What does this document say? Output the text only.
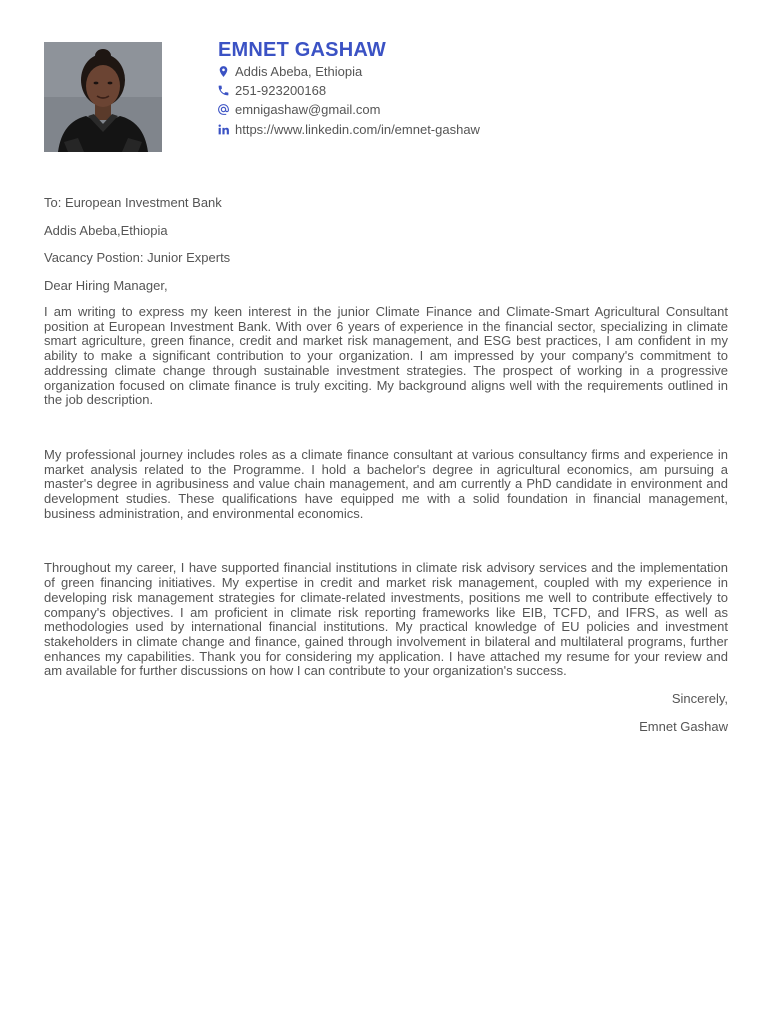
EMNET GASHAW
Addis Abeba, Ethiopia
251-923200168
emnigashaw@gmail.com
https://www.linkedin.com/in/emnet-gashaw
To: European Investment Bank
Addis Abeba,Ethiopia
Vacancy Postion: Junior Experts
Dear Hiring Manager,

I am writing to express my keen interest in the junior Climate Finance and Climate-Smart Agricultural Consultant position at European Investment Bank. With over 6 years of experience in the financial sector, specializing in climate smart agriculture, green finance, credit and market risk management, and ESG best practices, I am confident in my ability to make a significant contribution to your organization. I am impressed by your company's commitment to addressing climate change through sustainable investment strategies. The prospect of working in a progressive organization focused on climate finance is truly exciting. My background aligns well with the requirements outlined in the job description.

My professional journey includes roles as a climate finance consultant at various consultancy firms and experience in market analysis related to the Programme. I hold a bachelor's degree in agricultural economics, am pursuing a master's degree in agribusiness and value chain management, and am currently a PhD candidate in environment and development studies. These qualifications have equipped me with a solid foundation in financial management, business administration, and environmental economics.

Throughout my career, I have supported financial institutions in climate risk advisory services and the implementation of green financing initiatives. My expertise in credit and market risk management, coupled with my experience in developing risk management strategies for climate-related investments, positions me well to contribute effectively to company's objectives. I am proficient in climate risk reporting frameworks like EIB, TCFD, and IFRS, as well as methodologies used by international financial institutions. My practical knowledge of EU policies and investment stakeholders in climate change and finance, gained through involvement in bilateral and multilateral programs, further enhances my capabilities. Thank you for considering my application. I have attached my resume for your review and am available for further discussions on how I can contribute to your organization's success.

Sincerely,
Emnet Gashaw
